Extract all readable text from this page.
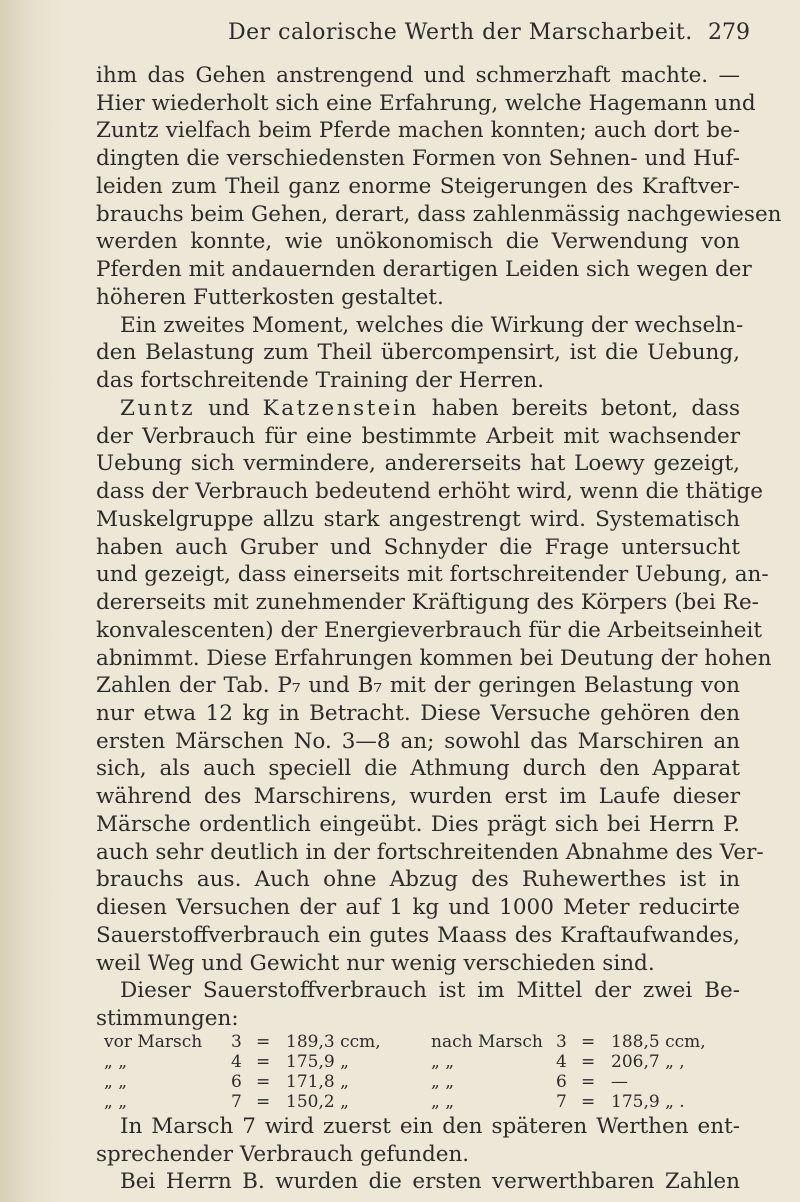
Der calorische Werth der Marscharbeit. 279
ihm das Gehen anstrengend und schmerzhaft machte. —
Hier wiederholt sich eine Erfahrung, welche Hagemann und
Zuntz vielfach beim Pferde machen konnten; auch dort be-
dingten die verschiedensten Formen von Sehnen- und Huf-
leiden zum Theil ganz enorme Steigerungen des Kraftver-
brauchs beim Gehen, derart, dass zahlenmässig nachgewiesen
werden konnte, wie unökonomisch die Verwendung von
Pferden mit andauernden derartigen Leiden sich wegen der
höheren Futterkosten gestaltet.
Ein zweites Moment, welches die Wirkung der wechseln-
den Belastung zum Theil übercompensirt, ist die Uebung,
das fortschreitende Training der Herren.
Zuntz und Katzenstein haben bereits betont, dass
der Verbrauch für eine bestimmte Arbeit mit wachsender
Uebung sich vermindere, andererseits hat Loewy gezeigt,
dass der Verbrauch bedeutend erhöht wird, wenn die thätige
Muskelgruppe allzu stark angestrengt wird. Systematisch
haben auch Gruber und Schnyder die Frage untersucht
und gezeigt, dass einerseits mit fortschreitender Uebung, an-
dererseits mit zunehmender Kräftigung des Körpers (bei Re-
konvalescenten) der Energieverbrauch für die Arbeitseinheit
abnimmt. Diese Erfahrungen kommen bei Deutung der hohen
Zahlen der Tab. P₇ und B₇ mit der geringen Belastung von
nur etwa 12 kg in Betracht. Diese Versuche gehören den
ersten Märschen No. 3—8 an; sowohl das Marschiren an
sich, als auch speciell die Athmung durch den Apparat
während des Marschirens, wurden erst im Laufe dieser
Märsche ordentlich eingeübt. Dies prägt sich bei Herrn P.
auch sehr deutlich in der fortschreitenden Abnahme des Ver-
brauchs aus. Auch ohne Abzug des Ruhewerthes ist in
diesen Versuchen der auf 1 kg und 1000 Meter reducirte
Sauerstoffverbrauch ein gutes Maass des Kraftaufwandes,
weil Weg und Gewicht nur wenig verschieden sind.
Dieser Sauerstoffverbrauch ist im Mittel der zwei Be-
stimmungen:
vor Marsch 3 = 189,3 ccm,	nach Marsch 3 = 188,5 ccm,
„ „	4 = 175,9 „	„ „	4 = 206,7 „ ,
„ „	6 = 171,8 „	„ „	6 = —
„ „	7 = 150,2 „	„ „	7 = 175,9 „ .
In Marsch 7 wird zuerst ein den späteren Werthen ent-
sprechender Verbrauch gefunden.
Bei Herrn B. wurden die ersten verwerthbaren Zahlen
